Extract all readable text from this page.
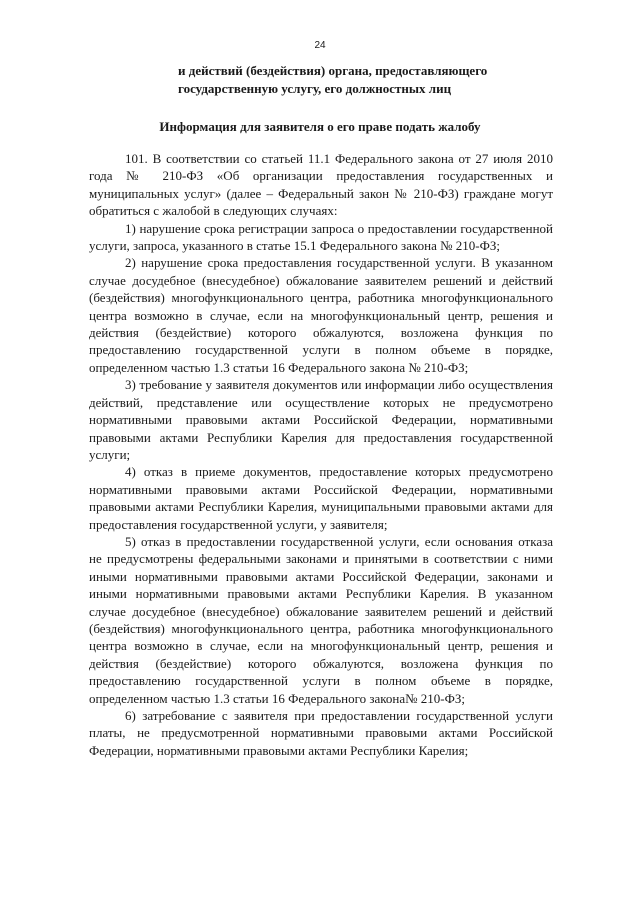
24
и действий (бездействия) органа, предоставляющего
государственную услугу, его должностных лиц
Информация для заявителя о его праве подать жалобу

101. В соответствии со статьей 11.1 Федерального закона от 27 июля 2010 года № 210-ФЗ «Об организации предоставления государственных и муниципальных услуг» (далее – Федеральный закон № 210-ФЗ) граждане могут обратиться с жалобой в следующих случаях:

1) нарушение срока регистрации запроса о предоставлении государственной услуги, запроса, указанного в статье 15.1 Федерального закона № 210-ФЗ;

2) нарушение срока предоставления государственной услуги. В указанном случае досудебное (внесудебное) обжалование заявителем решений и действий (бездействия) многофункционального центра, работника многофункционального центра возможно в случае, если на многофункциональный центр, решения и действия (бездействие) которого обжалуются, возложена функция по предоставлению государственной услуги в полном объеме в порядке, определенном частью 1.3 статьи 16 Федерального закона № 210-ФЗ;

3) требование у заявителя документов или информации либо осуществления действий, представление или осуществление которых не предусмотрено нормативными правовыми актами Российской Федерации, нормативными правовыми актами Республики Карелия для предоставления государственной услуги;

4) отказ в приеме документов, предоставление которых предусмотрено нормативными правовыми актами Российской Федерации, нормативными правовыми актами Республики Карелия, муниципальными правовыми актами для предоставления государственной услуги, у заявителя;

5) отказ в предоставлении государственной услуги, если основания отказа не предусмотрены федеральными законами и принятыми в соответствии с ними иными нормативными правовыми актами Российской Федерации, законами и иными нормативными правовыми актами Республики Карелия. В указанном случае досудебное (внесудебное) обжалование заявителем решений и действий (бездействия) многофункционального центра, работника многофункционального центра возможно в случае, если на многофункциональный центр, решения и действия (бездействие) которого обжалуются, возложена функция по предоставлению государственной услуги в полном объеме в порядке, определенном частью 1.3 статьи 16 Федерального закона№ 210-ФЗ;

6) затребование с заявителя при предоставлении государственной услуги платы, не предусмотренной нормативными правовыми актами Российской Федерации, нормативными правовыми актами Республики Карелия;
